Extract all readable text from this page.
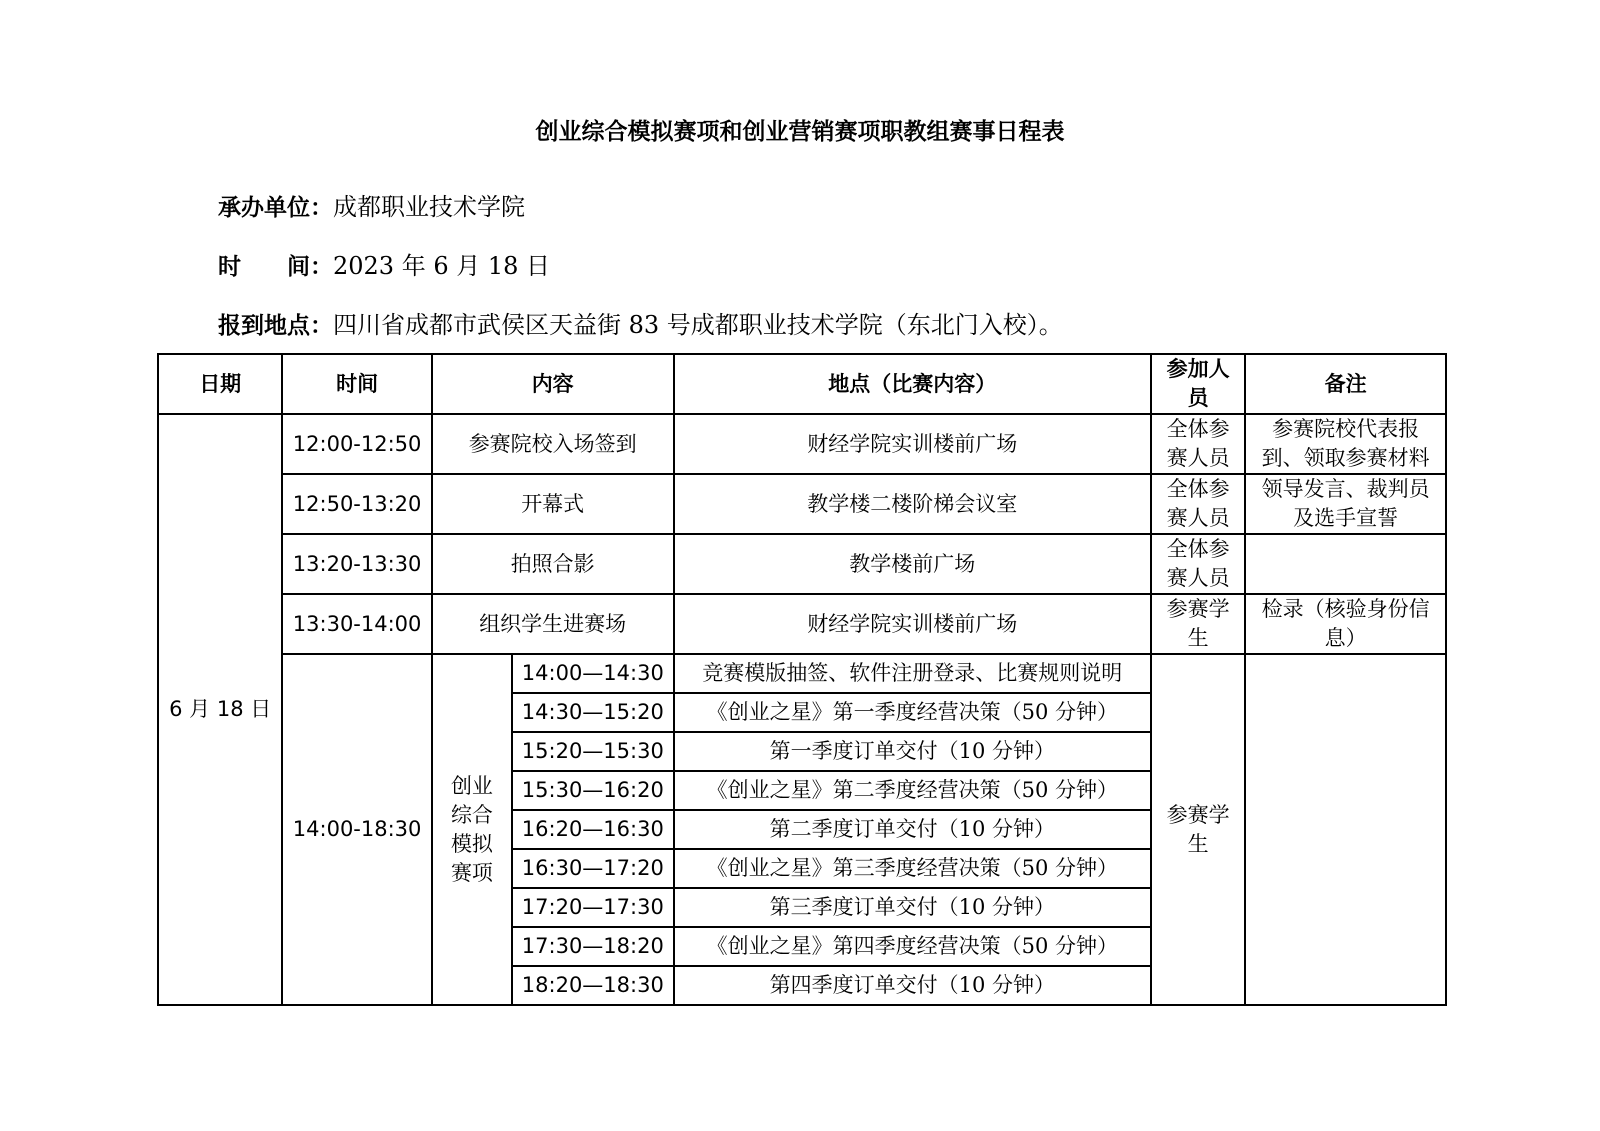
创业综合模拟赛项和创业营销赛项职教组赛事日程表
承办单位：成都职业技术学院
时　　间：2023 年 6 月 18 日
报到地点：四川省成都市武侯区天益街 83 号成都职业技术学院（东北门入校）。
日期	时间	内容		地点（比赛内容）	参加人员	备注
6 月 18 日	12:00-12:50	参赛院校入场签到		财经学院实训楼前广场	全体参赛人员	参赛院校代表报到、领取参赛材料
	12:50-13:20	开幕式		教学楼二楼阶梯会议室	全体参赛人员	领导发言、裁判员及选手宣誓
	13:20-13:30	拍照合影		教学楼前广场	全体参赛人员	
	13:30-14:00	组织学生进赛场		财经学院实训楼前广场	参赛学生	检录（核验身份信息）
	14:00-18:30	创业综合模拟赛项	14:00—14:30	竞赛模版抽签、软件注册登录、比赛规则说明	参赛学生	
			14:30—15:20	《创业之星》第一季度经营决策（50 分钟）		
			15:20—15:30	第一季度订单交付（10 分钟）		
			15:30—16:20	《创业之星》第二季度经营决策（50 分钟）		
			16:20—16:30	第二季度订单交付（10 分钟）		
			16:30—17:20	《创业之星》第三季度经营决策（50 分钟）		
			17:20—17:30	第三季度订单交付（10 分钟）		
			17:30—18:20	《创业之星》第四季度经营决策（50 分钟）		
			18:20—18:30	第四季度订单交付（10 分钟）		
